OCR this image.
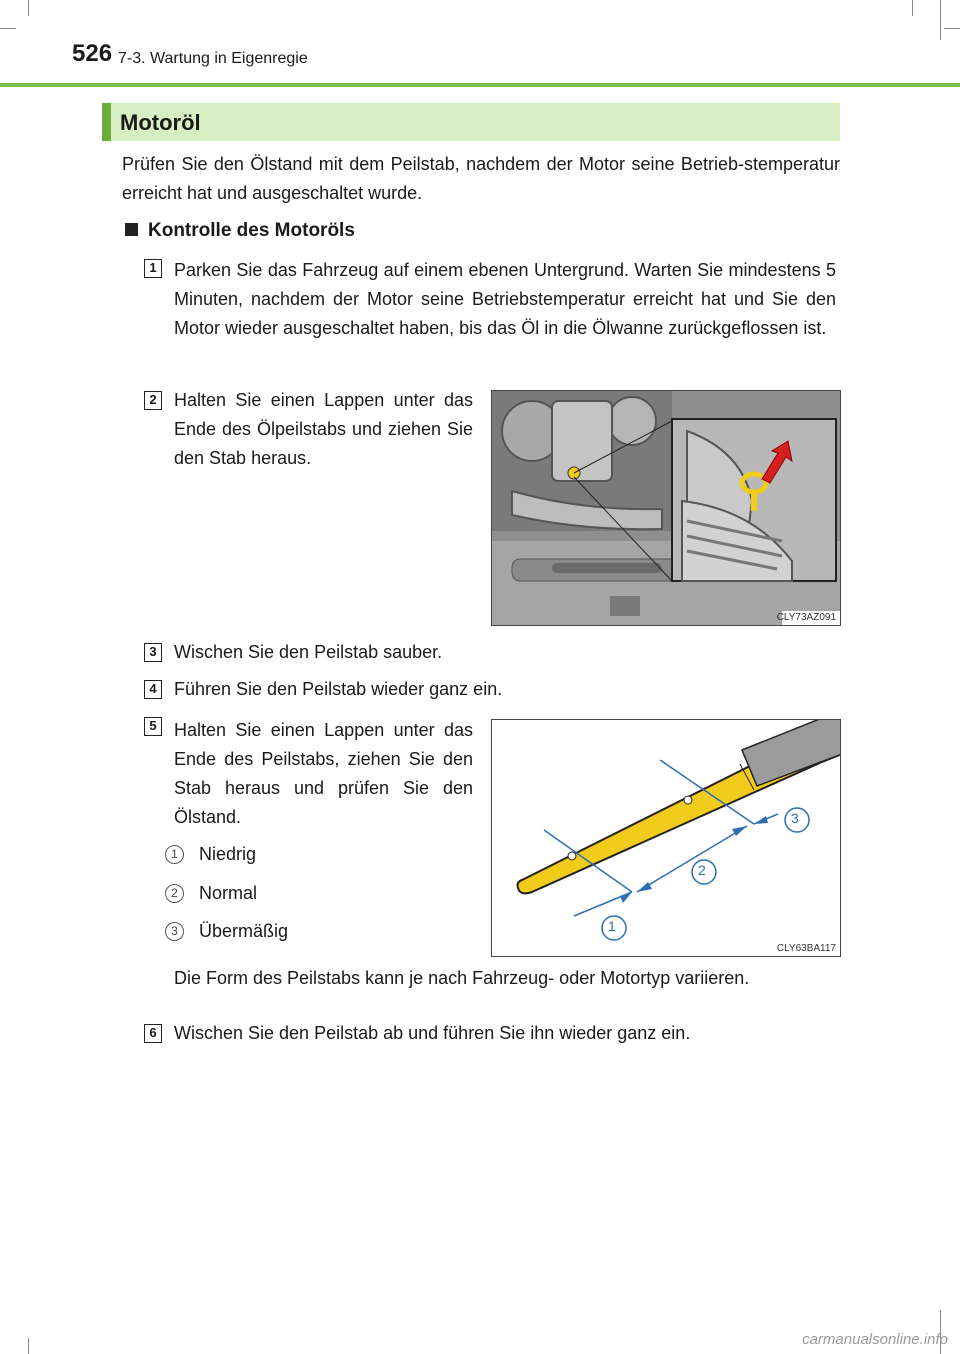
526 7-3. Wartung in Eigenregie
Motoröl
Prüfen Sie den Ölstand mit dem Peilstab, nachdem der Motor seine Betrieb-stemperatur erreicht hat und ausgeschaltet wurde.
Kontrolle des Motoröls
1 Parken Sie das Fahrzeug auf einem ebenen Untergrund. Warten Sie mindestens 5 Minuten, nachdem der Motor seine Betriebstemperatur erreicht hat und Sie den Motor wieder ausgeschaltet haben, bis das Öl in die Ölwanne zurückgeflossen ist.
2 Halten Sie einen Lappen unter das Ende des Ölpeilstabs und ziehen Sie den Stab heraus.
CLY73AZ091
3 Wischen Sie den Peilstab sauber.
4 Führen Sie den Peilstab wieder ganz ein.
5 Halten Sie einen Lappen unter das Ende des Peilstabs, ziehen Sie den Stab heraus und prüfen Sie den Ölstand.
1	Niedrig
2	Normal
3	Übermäßig	1
2
3
CLY63BA117
Die Form des Peilstabs kann je nach Fahrzeug- oder Motortyp variieren.
6 Wischen Sie den Peilstab ab und führen Sie ihn wieder ganz ein.
carmanualsonline.info
